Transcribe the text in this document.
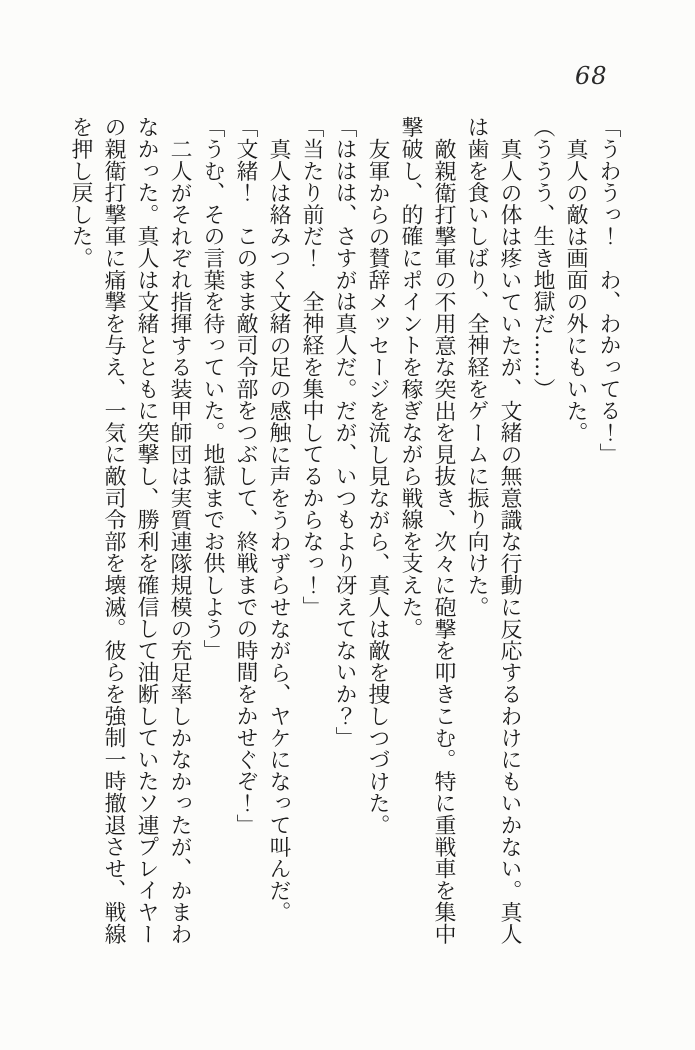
68

「うわうっ！　わ、わかってる！」

真人の敵は画面の外にもいた。

（ううう、生き地獄だ……）

真人の体は疼いていたが、文緒の無意識な行動に反応するわけにもいかない。真人は歯を食いしばり、全神経をゲームに振り向けた。

敵親衛打撃軍の不用意な突出を見抜き、次々に砲撃を叩きこむ。特に重戦車を集中撃破し、的確にポイントを稼ぎながら戦線を支えた。

友軍からの賛辞メッセージを流し見ながら、真人は敵を捜しつづけた。

「ははは、さすがは真人だ。だが、いつもより冴えてないか？」

「当たり前だ！　全神経を集中してるからなっ！」

真人は絡みつく文緒の足の感触に声をうわずらせながら、ヤケになって叫んだ。

「文緒！　このまま敵司令部をつぶして、終戦までの時間をかせぐぞ！」

「うむ、その言葉を待っていた。地獄までお供しよう」

二人がそれぞれ指揮する装甲師団は実質連隊規模の充足率しかなかったが、かまわなかった。真人は文緒とともに突撃し、勝利を確信して油断していたソ連プレイヤーの親衛打撃軍に痛撃を与え、一気に敵司令部を壊滅。彼らを強制一時撤退させ、戦線を押し戻した。
